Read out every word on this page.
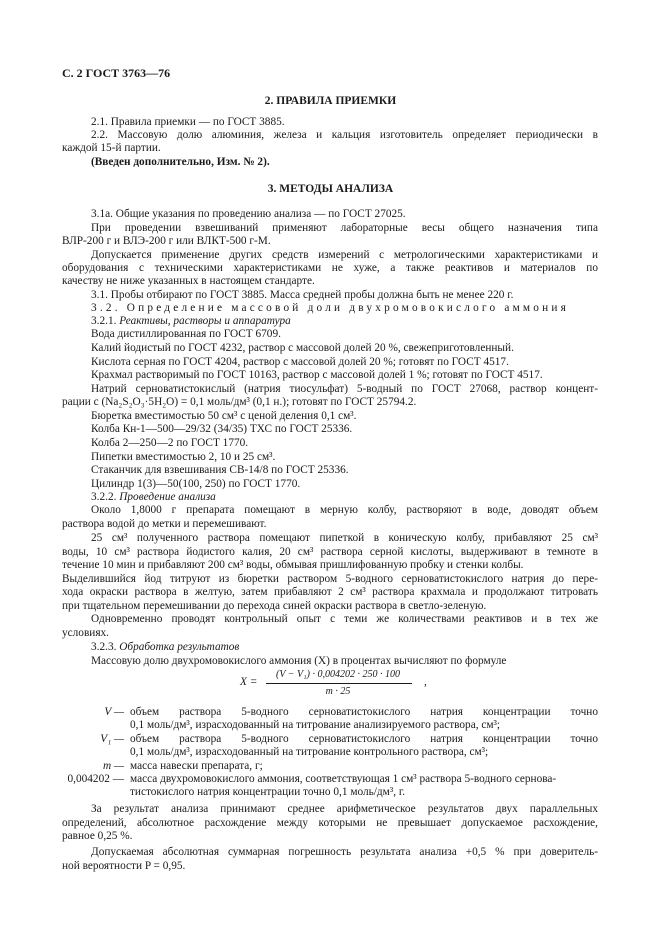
С. 2 ГОСТ 3763—76
2. ПРАВИЛА ПРИЕМКИ
2.1. Правила приемки — по ГОСТ 3885.
2.2. Массовую долю алюминия, железа и кальция изготовитель определяет периодически в
каждой 15-й партии.
(Введен дополнительно, Изм. № 2).
3. МЕТОДЫ АНАЛИЗА
3.1а. Общие указания по проведению анализа — по ГОСТ 27025.
При проведении взвешиваний применяют лабораторные весы общего назначения типа
ВЛР-200 г и ВЛЭ-200 г или ВЛКТ-500 г-М.
Допускается применение других средств измерений с метрологическими характеристиками и
оборудования с техническими характеристиками не хуже, а также реактивов и материалов по
качеству не ниже указанных в настоящем стандарте.
3.1. Пробы отбирают по ГОСТ 3885. Масса средней пробы должна быть не менее 220 г.
3.2. Определение массовой доли двухромовокислого аммония
3.2.1. Реактивы, растворы и аппаратура
Вода дистиллированная по ГОСТ 6709.
Калий йодистый по ГОСТ 4232, раствор с массовой долей 20 %, свежеприготовленный.
Кислота серная по ГОСТ 4204, раствор с массовой долей 20 %; готовят по ГОСТ 4517.
Крахмал растворимый по ГОСТ 10163, раствор с массовой долей 1 %; готовят по ГОСТ 4517.
Натрий серноватистокислый (натрия тиосульфат) 5-водный по ГОСТ 27068, раствор концент-
рации с (Na₂S₂O₃·5H₂O) = 0,1 моль/дм³ (0,1 н.); готовят по ГОСТ 25794.2.
Бюретка вместимостью 50 см³ с ценой деления 0,1 см³.
Колба Кн-1—500—29/32 (34/35) ТХС по ГОСТ 25336.
Колба 2—250—2 по ГОСТ 1770.
Пипетки вместимостью 2, 10 и 25 см³.
Стаканчик для взвешивания СВ-14/8 по ГОСТ 25336.
Цилиндр 1(3)—50(100, 250) по ГОСТ 1770.
3.2.2. Проведение анализа
Около 1,8000 г препарата помещают в мерную колбу, растворяют в воде, доводят объем
раствора водой до метки и перемешивают.
25 см³ полученного раствора помещают пипеткой в коническую колбу, прибавляют 25 см³
воды, 10 см³ раствора йодистого калия, 20 см³ раствора серной кислоты, выдерживают в темноте в
течение 10 мин и прибавляют 200 см³ воды, обмывая пришлифованную пробку и стенки колбы.
Выделившийся йод титруют из бюретки раствором 5-водного серноватистокислого натрия до пере-
хода окраски раствора в желтую, затем прибавляют 2 см³ раствора крахмала и продолжают титровать
при тщательном перемешивании до перехода синей окраски раствора в светло-зеленую.
Одновременно проводят контрольный опыт с теми же количествами реактивов и в тех же
условиях.
3.2.3. Обработка результатов
Массовую долю двухромовокислого аммония (X) в процентах вычисляют по формуле
X =
(V − V₁) · 0,004202 · 250 · 100
m · 25
,
V — объем раствора 5-водного серноватистокислого натрия концентрации точно
0,1 моль/дм³, израсходованный на титрование анализируемого раствора, см³;
V₁ — объем раствора 5-водного серноватистокислого натрия концентрации точно
0,1 моль/дм³, израсходованный на титрование контрольного раствора, см³;
m — масса навески препарата, г;
0,004202 — масса двухромовокислого аммония, соответствующая 1 см³ раствора 5-водного сернова-
тистокислого натрия концентрации точно 0,1 моль/дм³, г.
За результат анализа принимают среднее арифметическое результатов двух параллельных
определений, абсолютное расхождение между которыми не превышает допускаемое расхождение,
равное 0,25 %.
Допускаемая абсолютная суммарная погрешность результата анализа +0,5 % при доверитель-
ной вероятности P = 0,95.
